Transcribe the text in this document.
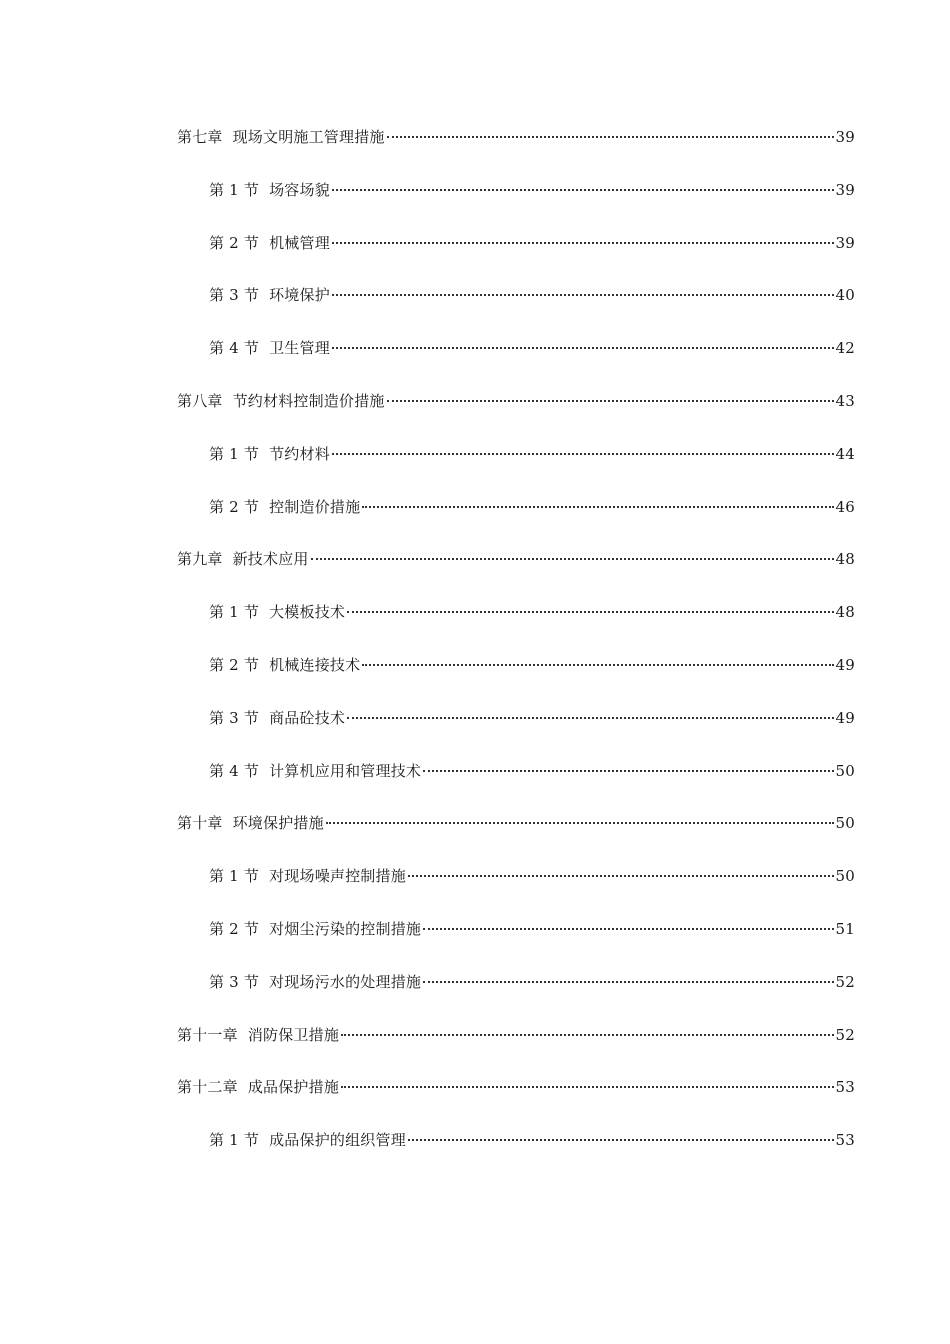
第七章 现场文明施工管理措施	39
第 1 节 场容场貌	39
第 2 节 机械管理	39
第 3 节 环境保护	40
第 4 节 卫生管理	42
第八章 节约材料控制造价措施	43
第 1 节 节约材料	44
第 2 节 控制造价措施	46
第九章 新技术应用	48
第 1 节 大模板技术	48
第 2 节 机械连接技术	49
第 3 节 商品砼技术	49
第 4 节 计算机应用和管理技术	50
第十章 环境保护措施	50
第 1 节 对现场噪声控制措施	50
第 2 节 对烟尘污染的控制措施	51
第 3 节 对现场污水的处理措施	52
第十一章 消防保卫措施	52
第十二章 成品保护措施	53
第 1 节 成品保护的组织管理	53
